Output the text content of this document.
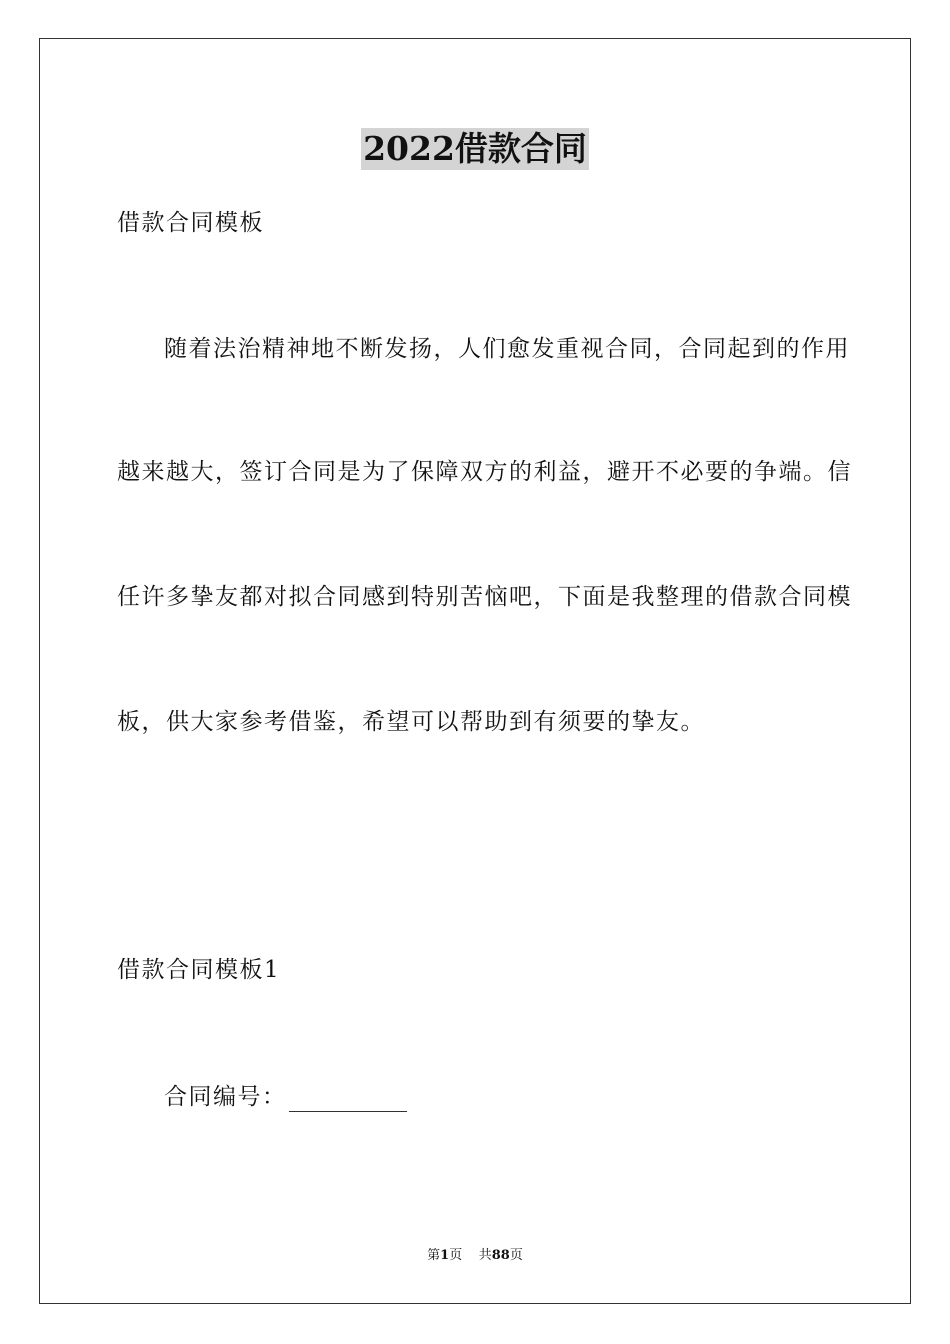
2022借款合同
借款合同模板
随着法治精神地不断发扬，人们愈发重视合同，合同起到的作用
越来越大，签订合同是为了保障双方的利益，避开不必要的争端。信
任许多挚友都对拟合同感到特别苦恼吧，下面是我整理的借款合同模
板，供大家参考借鉴，希望可以帮助到有须要的挚友。
借款合同模板1
合同编号：
第1页 共88页
